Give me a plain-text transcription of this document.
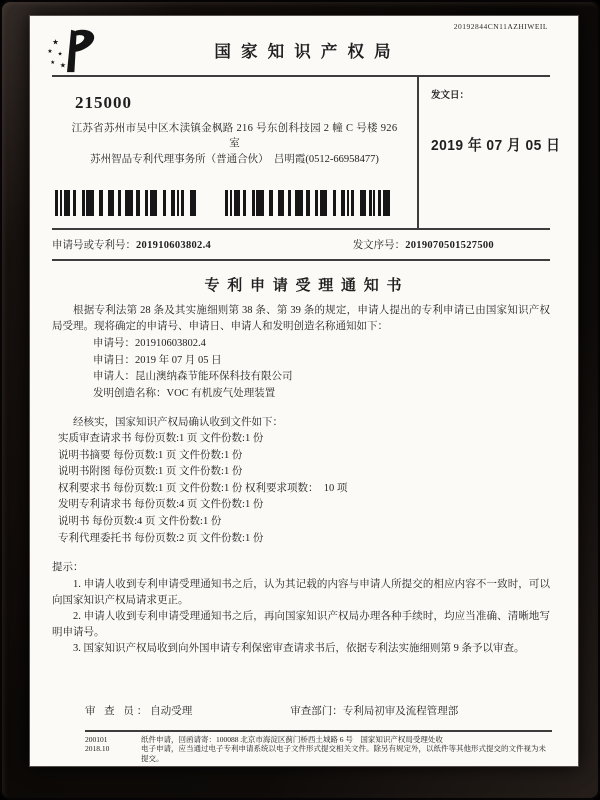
★
★ ★
★ ★
国 家 知 识 产 权 局
20192844CN11AZHIWEIL
215000
江苏省苏州市吴中区木渎镇金枫路 216 号东创科技园 2 幢 C 号楼 926
室
苏州智品专利代理事务所（普通合伙）　吕明霞(0512-66958477)
发文日：
2019 年 07 月 05 日
申请号或专利号：201910603802.4	发文序号：2019070501527500
专 利 申 请 受 理 通 知 书

根据专利法第 28 条及其实施细则第 38 条、第 39 条的规定，申请人提出的专利申请已由国家知识产权局受理。现将确定的申请号、申请日、申请人和发明创造名称通知如下：

申请号：201910603802.4
申请日：2019 年 07 月 05 日
申请人：昆山澳纳森节能环保科技有限公司
发明创造名称：VOC 有机废气处理装置
经核实，国家知识产权局确认收到文件如下：
实质审查请求书 每份页数:1 页 文件份数:1 份
说明书摘要 每份页数:1 页 文件份数:1 份
说明书附图 每份页数:1 页 文件份数:1 份
权利要求书 每份页数:1 页 文件份数:1 份 权利要求项数：　10 项
发明专利请求书 每份页数:4 页 文件份数:1 份
说明书 每份页数:4 页 文件份数:1 份
专利代理委托书 每份页数:2 页 文件份数:1 份

提示：

1. 申请人收到专利申请受理通知书之后，认为其记载的内容与申请人所提交的相应内容不一致时，可以向国家知识产权局请求更正。

2. 申请人收到专利申请受理通知书之后，再向国家知识产权局办理各种手续时，均应当准确、清晰地写明申请号。

3. 国家知识产权局收到向外国申请专利保密审查请求书后，依据专利法实施细则第 9 条予以审查。

审 查 员：自动受理	审查部门：专利局初审及流程管理部
200101	纸件申请，回函请寄：100088 北京市海淀区蓟门桥西土城路 6 号　国家知识产权局受理处收
2018.10	电子申请，应当通过电子专利申请系统以电子文件形式提交相关文件。除另有规定外，以纸件等其他形式提交的文件视为未提交。
